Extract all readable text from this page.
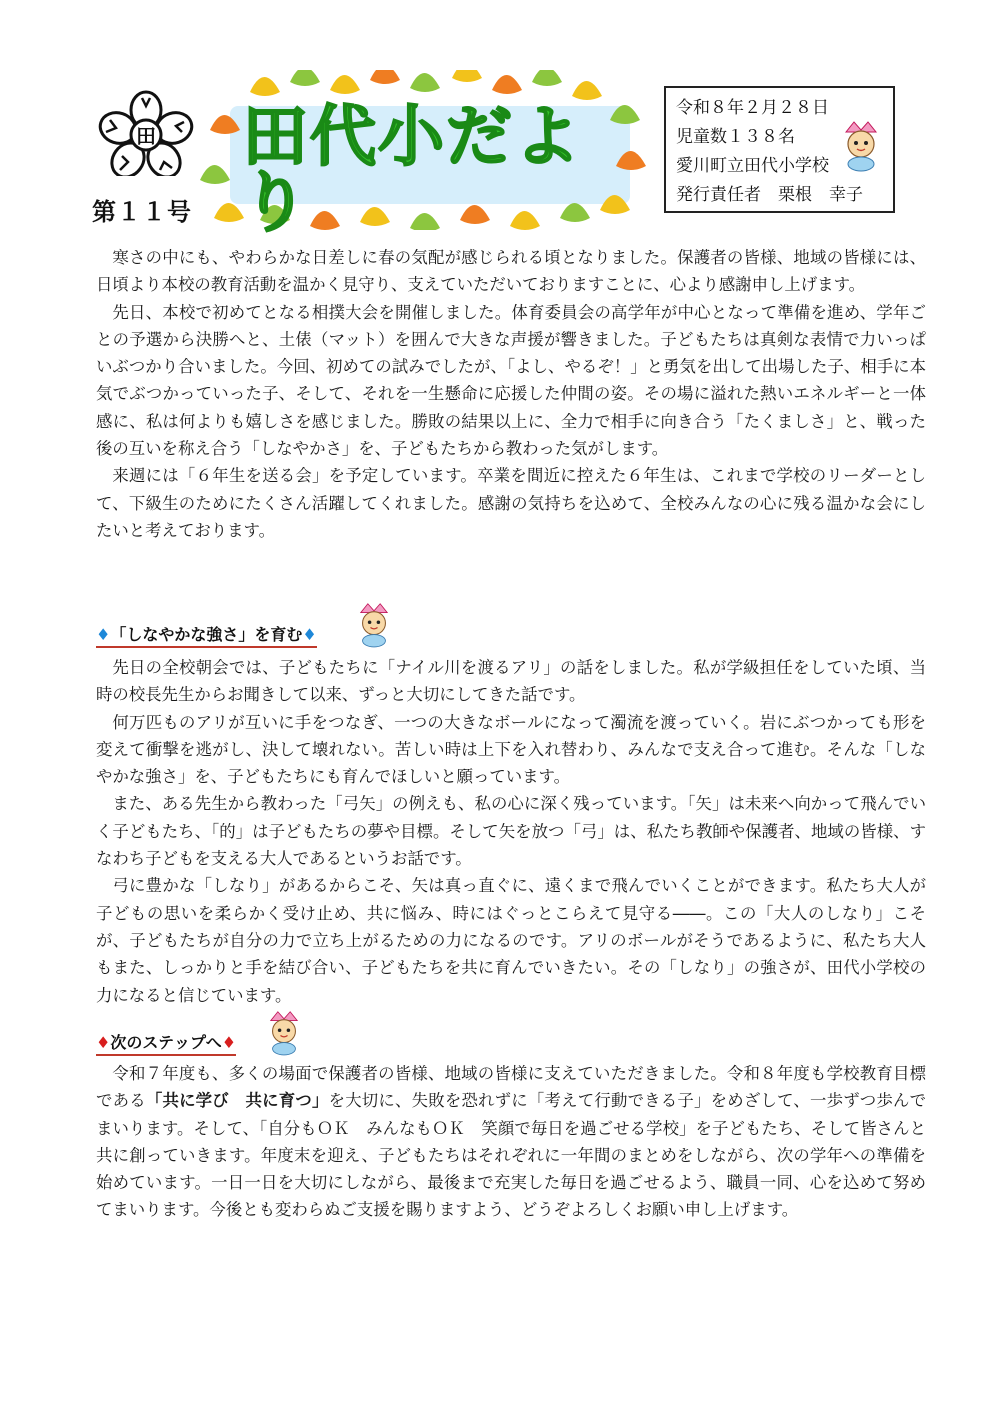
田
第１１号
田代小だより
令和８年２月２８日
児童数１３８名
愛川町立田代小学校
発行責任者　栗根　幸子

寒さの中にも、やわらかな日差しに春の気配が感じられる頃となりました。保護者の皆様、地域の皆様には、日頃より本校の教育活動を温かく見守り、支えていただいておりますことに、心より感謝申し上げます。

先日、本校で初めてとなる相撲大会を開催しました。体育委員会の高学年が中心となって準備を進め、学年ごとの予選から決勝へと、土俵（マット）を囲んで大きな声援が響きました。子どもたちは真剣な表情で力いっぱいぶつかり合いました。今回、初めての試みでしたが、「よし、やるぞ！」と勇気を出して出場した子、相手に本気でぶつかっていった子、そして、それを一生懸命に応援した仲間の姿。その場に溢れた熱いエネルギーと一体感に、私は何よりも嬉しさを感じました。勝敗の結果以上に、全力で相手に向き合う「たくましさ」と、戦った後の互いを称え合う「しなやかさ」を、子どもたちから教わった気がします。

来週には「６年生を送る会」を予定しています。卒業を間近に控えた６年生は、これまで学校のリーダーとして、下級生のためにたくさん活躍してくれました。感謝の気持ちを込めて、全校みんなの心に残る温かな会にしたいと考えております。

♦「しなやかな強さ」を育む♦

先日の全校朝会では、子どもたちに「ナイル川を渡るアリ」の話をしました。私が学級担任をしていた頃、当時の校長先生からお聞きして以来、ずっと大切にしてきた話です。

何万匹ものアリが互いに手をつなぎ、一つの大きなボールになって濁流を渡っていく。岩にぶつかっても形を変えて衝撃を逃がし、決して壊れない。苦しい時は上下を入れ替わり、みんなで支え合って進む。そんな「しなやかな強さ」を、子どもたちにも育んでほしいと願っています。

また、ある先生から教わった「弓矢」の例えも、私の心に深く残っています。「矢」は未来へ向かって飛んでいく子どもたち、「的」は子どもたちの夢や目標。そして矢を放つ「弓」は、私たち教師や保護者、地域の皆様、すなわち子どもを支える大人であるというお話です。

弓に豊かな「しなり」があるからこそ、矢は真っ直ぐに、遠くまで飛んでいくことができます。私たち大人が子どもの思いを柔らかく受け止め、共に悩み、時にはぐっとこらえて見守る――。この「大人のしなり」こそが、子どもたちが自分の力で立ち上がるための力になるのです。アリのボールがそうであるように、私たち大人もまた、しっかりと手を結び合い、子どもたちを共に育んでいきたい。その「しなり」の強さが、田代小学校の力になると信じています。

♦次のステップへ♦

令和７年度も、多くの場面で保護者の皆様、地域の皆様に支えていただきました。令和８年度も学校教育目標である「共に学び　共に育つ」を大切に、失敗を恐れずに「考えて行動できる子」をめざして、一歩ずつ歩んでまいります。そして、「自分もＯＫ　みんなもＯＫ　笑顔で毎日を過ごせる学校」を子どもたち、そして皆さんと共に創っていきます。年度末を迎え、子どもたちはそれぞれに一年間のまとめをしながら、次の学年への準備を始めています。一日一日を大切にしながら、最後まで充実した毎日を過ごせるよう、職員一同、心を込めて努めてまいります。今後とも変わらぬご支援を賜りますよう、どうぞよろしくお願い申し上げます。
